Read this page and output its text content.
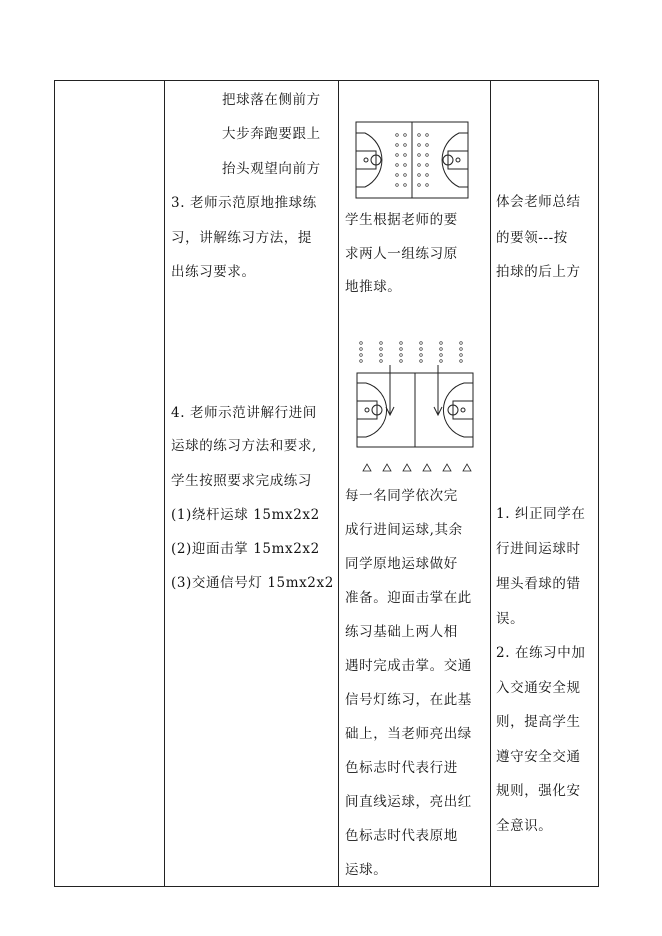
把球落在侧前方
大步奔跑要跟上
抬头观望向前方
3. 老师示范原地推球练
习，讲解练习方法，提
出练习要求。
4. 老师示范讲解行进间
运球的练习方法和要求,
学生按照要求完成练习
(1)绕杆运球 15mx2x2
(2)迎面击掌 15mx2x2
(3)交通信号灯 15mx2x2
学生根据老师的要
求两人一组练习原
地推球。
每一名同学依次完
成行进间运球,其余
同学原地运球做好
准备。迎面击掌在此
练习基础上两人相
遇时完成击掌。交通
信号灯练习，在此基
础上，当老师亮出绿
色标志时代表行进
间直线运球，亮出红
色标志时代表原地
运球。
体会老师总结
的要领---按
拍球的后上方
1. 纠正同学在
行进间运球时
埋头看球的错
误。
2. 在练习中加
入交通安全规
则，提高学生
遵守安全交通
规则，强化安
全意识。
